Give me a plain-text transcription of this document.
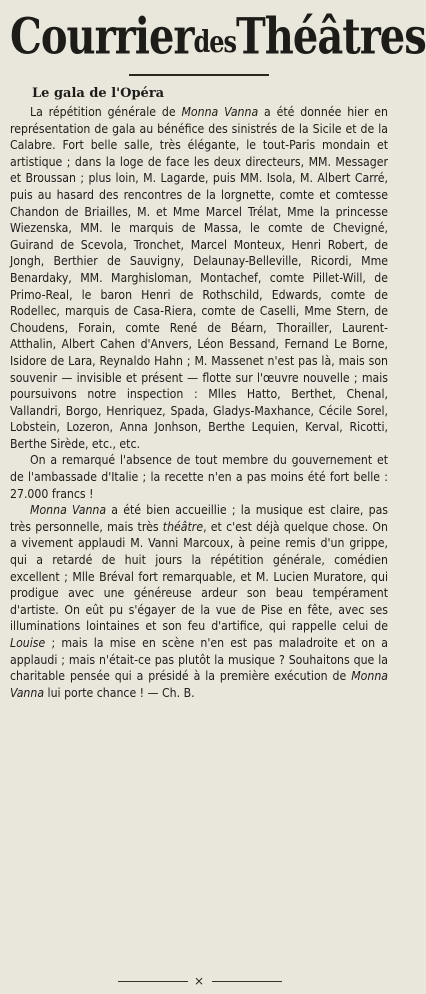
CourrierdesThéâtres
Le gala de l'Opéra

La répétition générale de Monna Vanna a été donnée hier en représentation de gala au bénéfice des sinistrés de la Sicile et de la Calabre. Fort belle salle, très élégante, le tout-Paris mondain et artistique ; dans la loge de face les deux directeurs, MM. Messager et Broussan ; plus loin, M. Lagarde, puis MM. Isola, M. Albert Carré, puis au hasard des rencontres de la lorgnette, comte et comtesse Chandon de Briailles, M. et Mme Marcel Trélat, Mme la princesse Wiezenska, MM. le marquis de Massa, le comte de Chevigné, Guirand de Scevola, Tronchet, Marcel Monteux, Henri Robert, de Jongh, Berthier de Sauvigny, Delaunay-Belleville, Ricordi, Mme Benardaky, MM. Marghisloman, Montachef, comte Pillet-Will, de Primo-Real, le baron Henri de Rothschild, Edwards, comte de Rodellec, marquis de Casa-Riera, comte de Caselli, Mme Stern, de Choudens, Forain, comte René de Béarn, Thorailler, Laurent-Atthalin, Albert Cahen d'Anvers, Léon Bessand, Fernand Le Borne, Isidore de Lara, Reynaldo Hahn ; M. Massenet n'est pas là, mais son souvenir — invisible et présent — flotte sur l'œuvre nouvelle ; mais poursuivons notre inspection : Mlles Hatto, Berthet, Chenal, Vallandri, Borgo, Henriquez, Spada, Gladys-Maxhance, Cécile Sorel, Lobstein, Lozeron, Anna Jonhson, Berthe Lequien, Kerval, Ricotti, Berthe Sirède, etc., etc.

On a remarqué l'absence de tout membre du gouvernement et de l'ambassade d'Italie ; la recette n'en a pas moins été fort belle : 27.000 francs !

Monna Vanna a été bien accueillie ; la musique est claire, pas très personnelle, mais très théâtre, et c'est déjà quelque chose. On a vivement applaudi M. Vanni Marcoux, à peine remis d'un grippe, qui a retardé de huit jours la répétition générale, comédien excellent ; Mlle Bréval fort remarquable, et M. Lucien Muratore, qui prodigue avec une généreuse ardeur son beau tempérament d'artiste. On eût pu s'égayer de la vue de Pise en fête, avec ses illuminations lointaines et son feu d'artifice, qui rappelle celui de Louise ; mais la mise en scène n'en est pas maladroite et on a applaudi ; mais n'était-ce pas plutôt la musique ? Souhaitons que la charitable pensée qui a présidé à la première exécution de Monna Vanna lui porte chance ! — Ch. B.

×
